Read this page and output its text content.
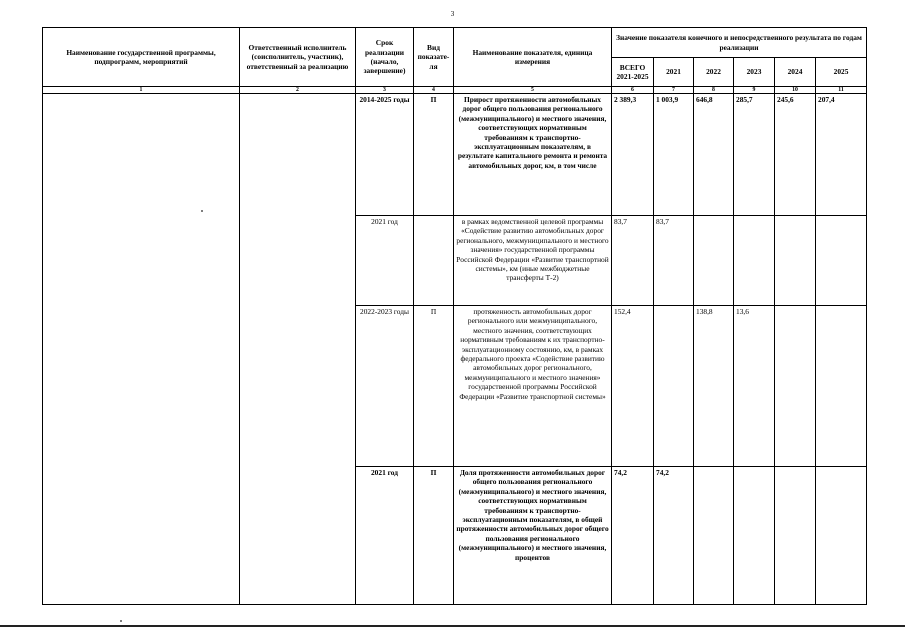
3
Наименование государственной программы, подпрограмм, мероприятий	Ответственный исполнитель (соисполнитель, участник), ответственный за реализацию	Срок реализации (начало, завершение)	Вид показате-ля	Наименование показателя, единица измерения	Значение показателя конечного и непосредственного результата по годам реализации					
					ВСЕГО 2021-2025	2021	2022	2023	2024	2025
1	2	3	4	5	6	7	8	9	10	11
		2014-2025 годы	П	Прирост протяженности автомобильных дорог общего пользования регионального (межмуниципального) и местного значения, соответствующих нормативным требованиям к транспортно-эксплуатационным показателям, в результате капитального ремонта и ремонта автомобильных дорог, км, в том числе	2 389,3	1 003,9	646,8	285,7	245,6	207,4
		2021 год		в рамках ведомственной целевой программы «Содействие развитию автомобильных дорог регионального, межмуниципального и местного значения» государственной программы Российской Федерации «Развитие транспортной системы», км (иные межбюджетные трансферты Т-2)	83,7	83,7				
		2022-2023 годы	П	протяженность автомобильных дорог регионального или межмуниципального, местного значения, соответствующих нормативным требованиям к их транспортно-эксплуатационному состоянию, км, в рамках федерального проекта «Содействие развитию автомобильных дорог регионального, межмуниципального и местного значения» государственной программы Российской Федерации «Развитие транспортной системы»	152,4		138,8	13,6		
		2021 год	П	Доля протяженности автомобильных дорог общего пользования регионального (межмуниципального) и местного значения, соответствующих нормативным требованиям к транспортно-эксплуатационным показателям, в общей протяженности автомобильных дорог общего пользования регионального (межмуниципального) и местного значения, процентов	74,2	74,2				
